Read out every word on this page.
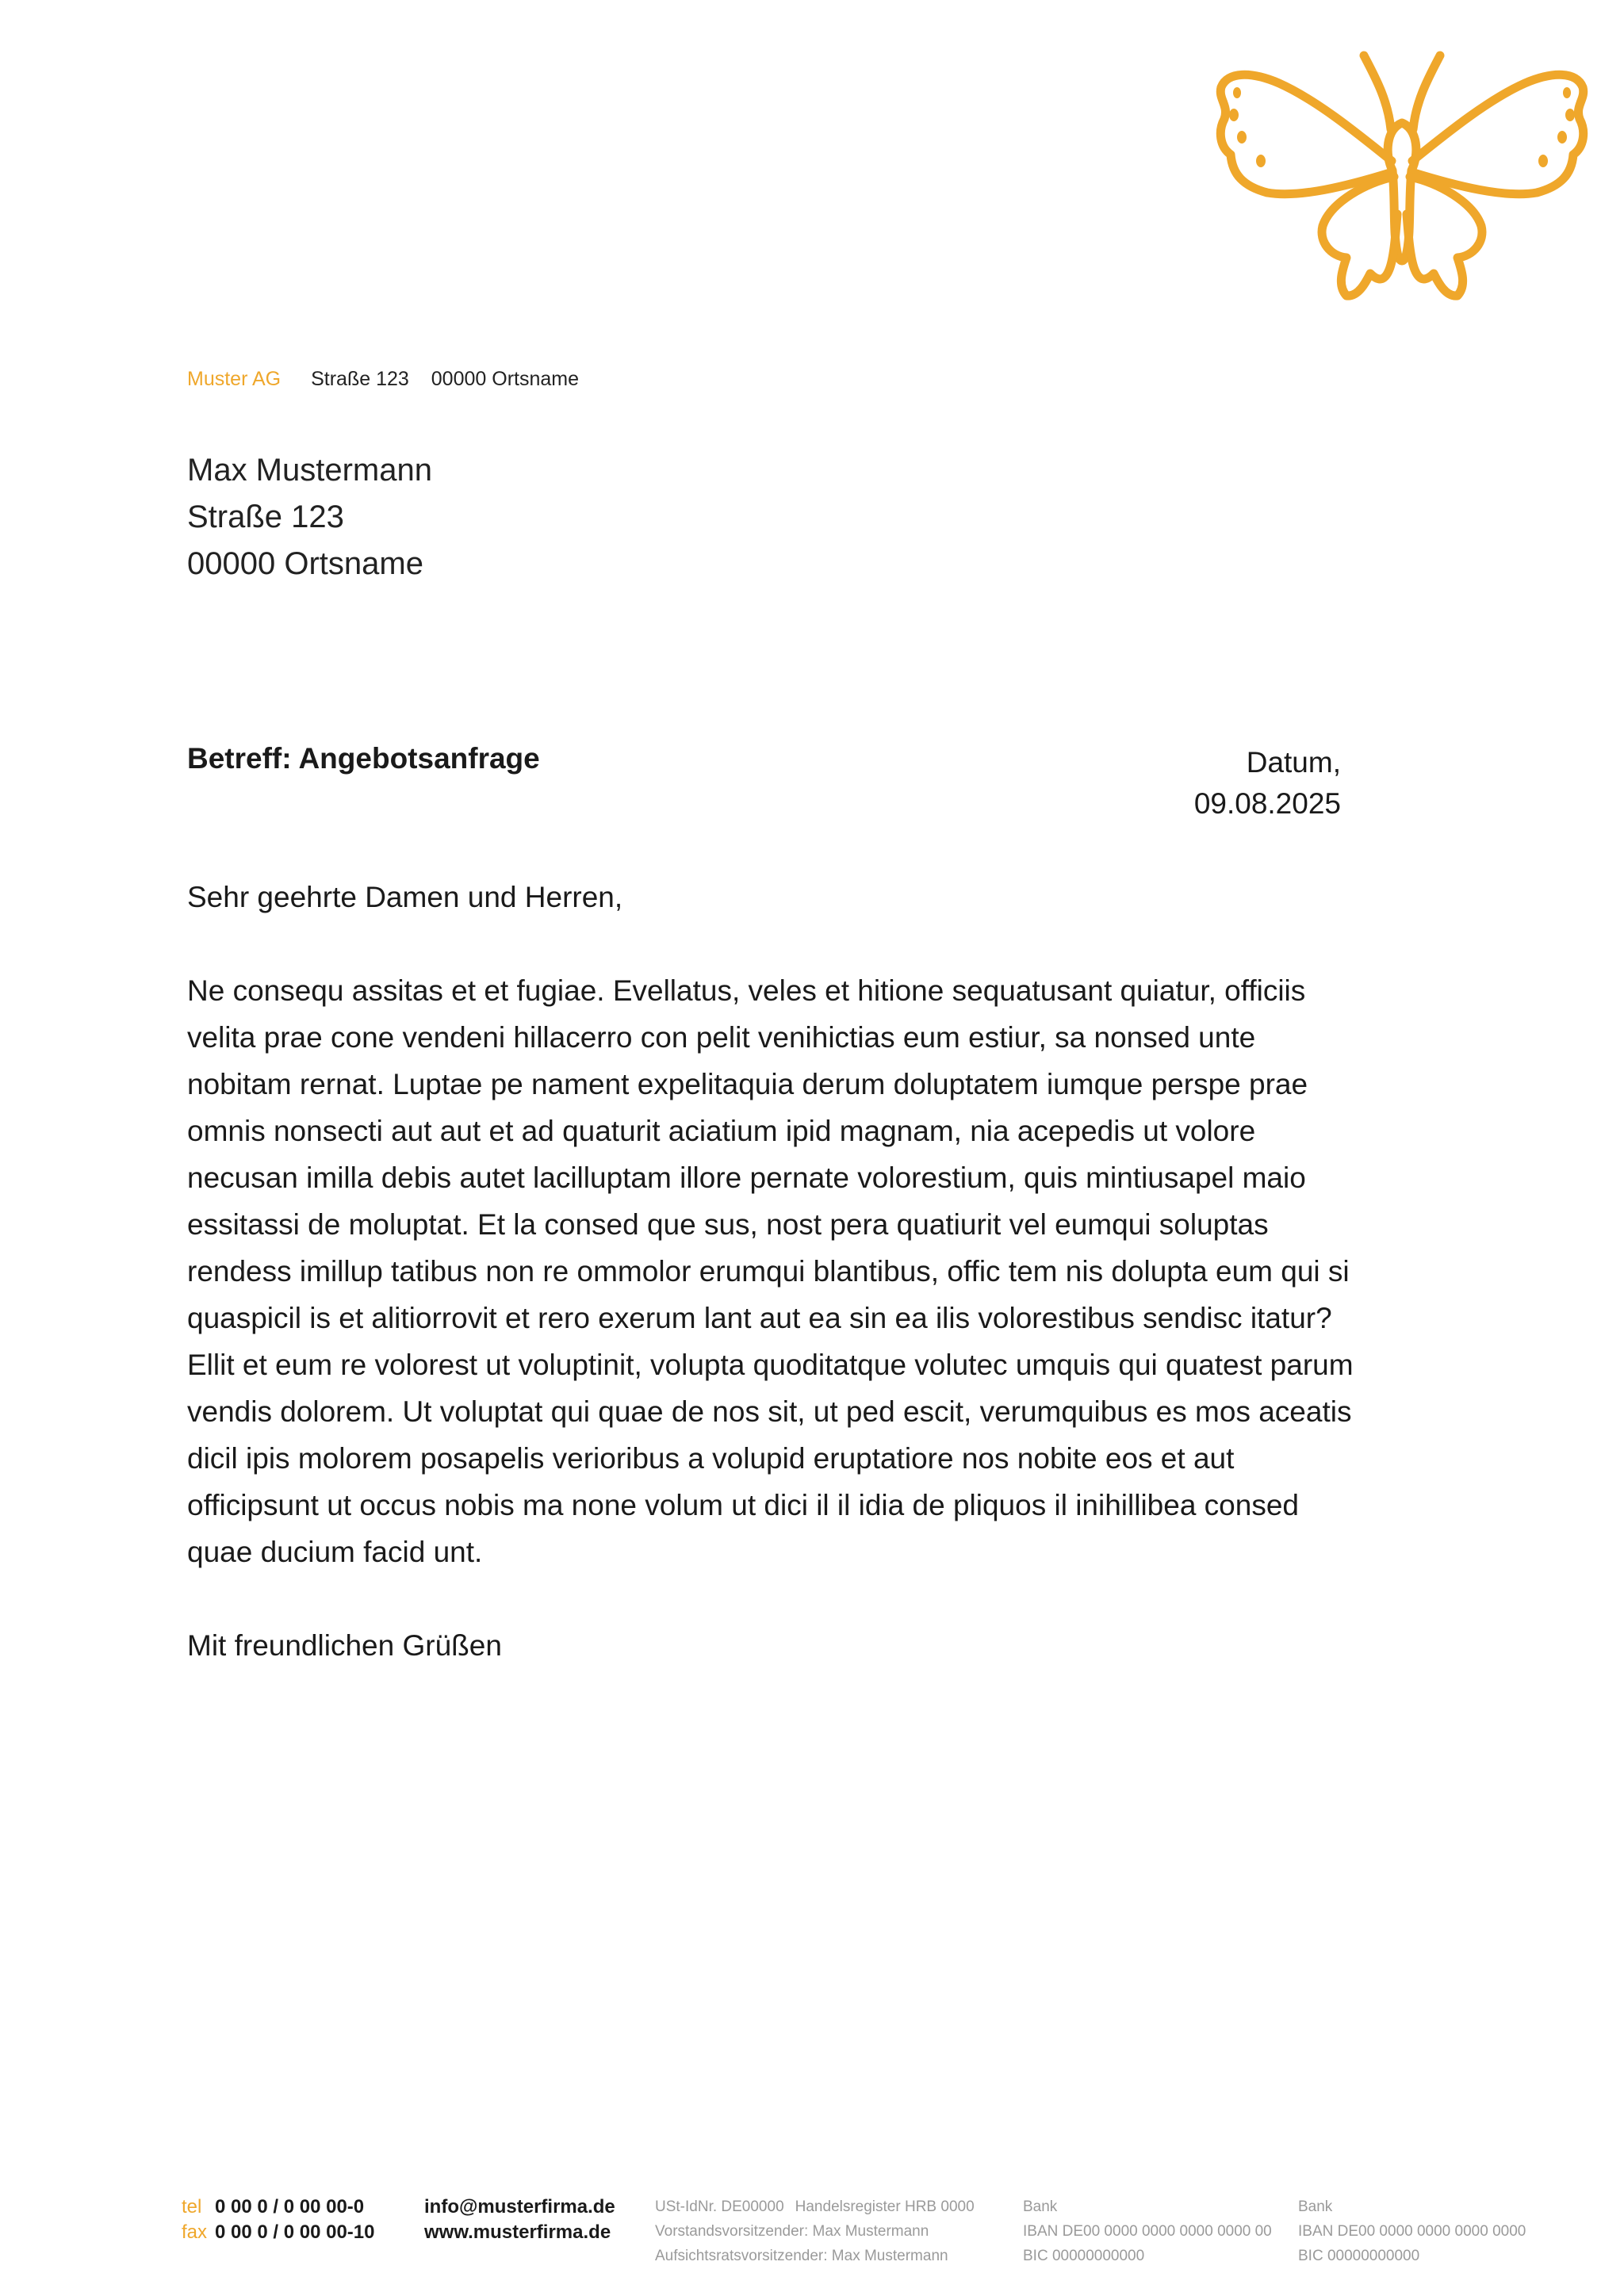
Muster AG Straße 123 00000 Ortsname
Max Mustermann
Straße 123
00000 Ortsname
Betreff: Angebotsanfrage	Datum,
09.08.2025

Sehr geehrte Damen und Herren,

Ne consequ assitas et et fugiae. Evellatus, veles et hitione sequatusant quiatur, officiis velita prae cone vendeni hillacerro con pelit venihictias eum estiur, sa nonsed unte nobitam rernat. Luptae pe nament expelitaquia derum doluptatem iumque perspe prae omnis nonsecti aut aut et ad quaturit aciatium ipid magnam, nia acepedis ut volore necusan imilla debis autet lacilluptam illore pernate volorestium, quis mintiusapel maio essitassi de moluptat. Et la consed que sus, nost pera quatiurit vel eumqui soluptas rendess imillup tatibus non re ommolor erumqui blantibus, offic tem nis dolupta eum qui si quaspicil is et alitiorrovit et rero exerum lant aut ea sin ea ilis volorestibus sendisc itatur? Ellit et eum re volorest ut voluptinit, volupta quoditatque volutec umquis qui quatest parum vendis dolorem. Ut voluptat qui quae de nos sit, ut ped escit, verumquibus es mos aceatis dicil ipis molorem posapelis verioribus a volupid eruptatiore nos nobite eos et aut officipsunt ut occus nobis ma none volum ut dici il il idia de pliquos il inihillibea consed quae ducium facid unt.

Mit freundlichen Grüßen

tel 0 00 0 / 0 00 00-0
fax 0 00 0 / 0 00 00-10
info@musterfirma.de
www.musterfirma.de
USt-IdNr. DE00000 Handelsregister HRB 0000
Vorstandsvorsitzender: Max Mustermann
Aufsichtsratsvorsitzender: Max Mustermann
Bank
IBAN DE00 0000 0000 0000 0000 00
BIC 00000000000
Bank
IBAN DE00 0000 0000 0000 0000
BIC 00000000000
